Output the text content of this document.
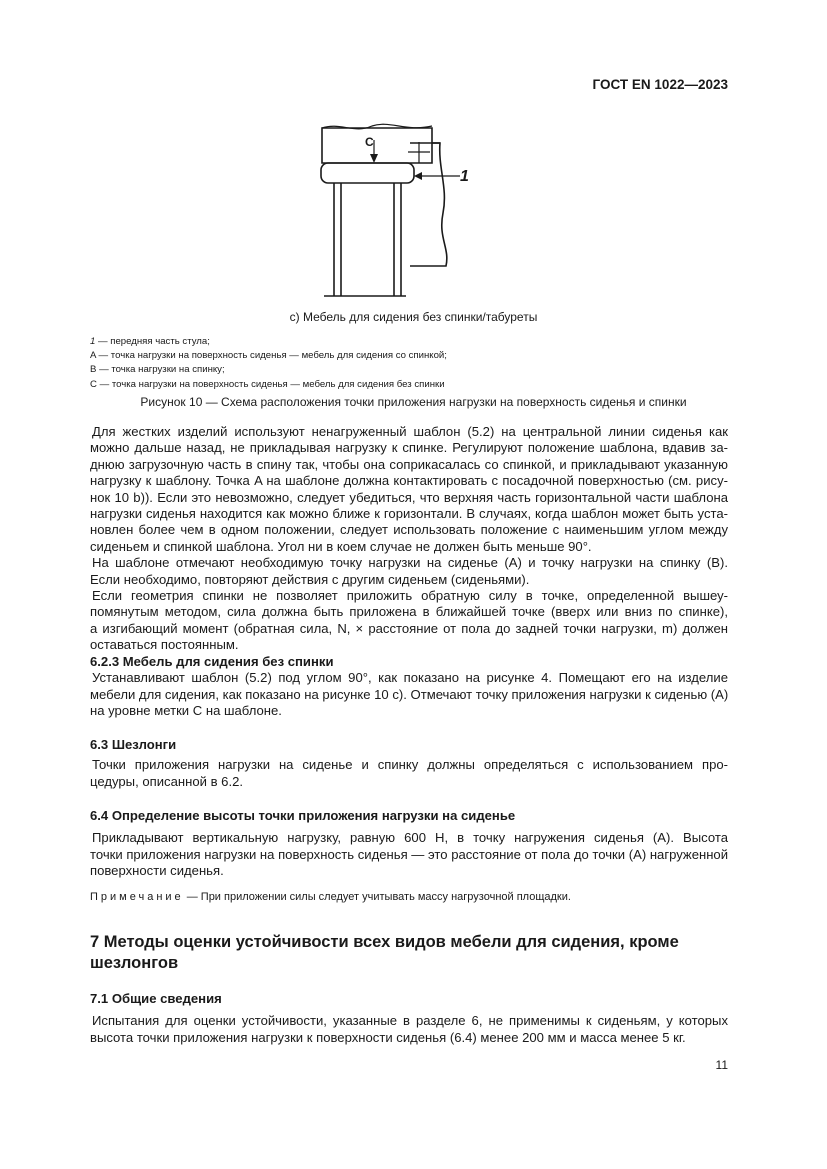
ГОСТ EN 1022—2023
C
1
c) Мебель для сидения без спинки/табуреты
1 — передняя часть стула;
A — точка нагрузки на поверхность сиденья — мебель для сидения со спинкой;
B — точка нагрузки на спинку;
C — точка нагрузки на поверхность сиденья — мебель для сидения без спинки
Рисунок 10 — Схема расположения точки приложения нагрузки на поверхность сиденья и спинки
Для жестких изделий используют ненагруженный шаблон (5.2) на центральной линии сиденья как
можно дальше назад, не прикладывая нагрузку к спинке. Регулируют положение шаблона, вдавив за-
днюю загрузочную часть в спину так, чтобы она соприкасалась со спинкой, и прикладывают указанную
нагрузку к шаблону. Точка A на шаблоне должна контактировать с посадочной поверхностью (см. рису-
нок 10 b)). Если это невозможно, следует убедиться, что верхняя часть горизонтальной части шаблона
нагрузки сиденья находится как можно ближе к горизонтали. В случаях, когда шаблон может быть уста-
новлен более чем в одном положении, следует использовать положение с наименьшим углом между
сиденьем и спинкой шаблона. Угол ни в коем случае не должен быть меньше 90°.
На шаблоне отмечают необходимую точку нагрузки на сиденье (A) и точку нагрузки на спинку (B).
Если необходимо, повторяют действия с другим сиденьем (сиденьями).
Если геометрия спинки не позволяет приложить обратную силу в точке, определенной вышеу-
помянутым методом, сила должна быть приложена в ближайшей точке (вверх или вниз по спинке),
а изгибающий момент (обратная сила, N, × расстояние от пола до задней точки нагрузки, m) должен
оставаться постоянным.
6.2.3 Мебель для сидения без спинки
Устанавливают шаблон (5.2) под углом 90°, как показано на рисунке 4. Помещают его на изделие
мебели для сидения, как показано на рисунке 10 c). Отмечают точку приложения нагрузки к сиденью (A)
на уровне метки C на шаблоне.
6.3 Шезлонги
Точки приложения нагрузки на сиденье и спинку должны определяться с использованием про-
цедуры, описанной в 6.2.
6.4 Определение высоты точки приложения нагрузки на сиденье
Прикладывают вертикальную нагрузку, равную 600 Н, в точку нагружения сиденья (A). Высота
точки приложения нагрузки на поверхность сиденья — это расстояние от пола до точки (A) нагруженной
поверхности сиденья.
Примечание — При приложении силы следует учитывать массу нагрузочной площадки.
7 Методы оценки устойчивости всех видов мебели для сидения, кроме
шезлонгов
7.1 Общие сведения
Испытания для оценки устойчивости, указанные в разделе 6, не применимы к сиденьям, у которых
высота точки приложения нагрузки к поверхности сиденья (6.4) менее 200 мм и масса менее 5 кг.
11
